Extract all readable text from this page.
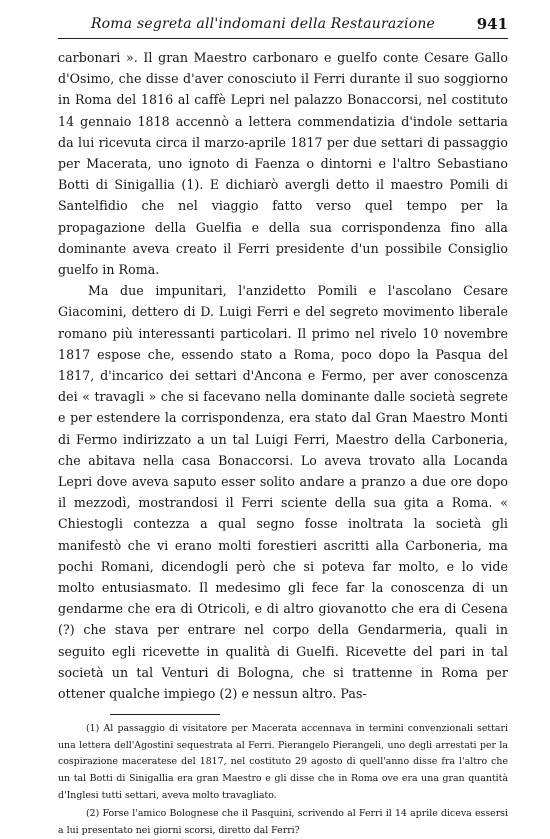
Roma segreta all'indomani della Restaurazione	941

carbonari ». Il gran Maestro carbonaro e guelfo conte Cesare Gallo d'Osimo, che disse d'aver conosciuto il Ferri durante il suo soggiorno in Roma del 1816 al caffè Lepri nel palazzo Bonaccorsi, nel costituto 14 gennaio 1818 accennò a lettera commendatizia d'indole settaria da lui ricevuta circa il marzo-aprile 1817 per due settari di passaggio per Macerata, uno ignoto di Faenza o dintorni e l'altro Sebastiano Botti di Sinigallia (1). E dichiarò avergli detto il maestro Pomili di Santelfidio che nel viaggio fatto verso quel tempo per la propagazione della Guelfia e della sua corrispondenza fino alla dominante aveva creato il Ferri presidente d'un possibile Consiglio guelfo in Roma.

Ma due impunitari, l'anzidetto Pomili e l'ascolano Cesare Giacomini, dettero di D. Luigi Ferri e del segreto movimento liberale romano più interessanti particolari. Il primo nel rivelo 10 novembre 1817 espose che, essendo stato a Roma, poco dopo la Pasqua del 1817, d'incarico dei settari d'Ancona e Fermo, per aver conoscenza dei « travagli » che si facevano nella dominante dalle società segrete e per estendere la corrispondenza, era stato dal Gran Maestro Monti di Fermo indirizzato a un tal Luigi Ferri, Maestro della Carboneria, che abitava nella casa Bonaccorsi. Lo aveva trovato alla Locanda Lepri dove aveva saputo esser solito andare a pranzo a due ore dopo il mezzodì, mostrandosi il Ferri sciente della sua gita a Roma. « Chiestogli contezza a qual segno fosse inoltrata la società gli manifestò che vi erano molti forestieri ascritti alla Carboneria, ma pochi Romani, dicendogli però che si poteva far molto, e lo vide molto entusiasmato. Il medesimo gli fece far la conoscenza di un gendarme che era di Otricoli, e di altro giovanotto che era di Cesena (?) che stava per entrare nel corpo della Gendarmeria, quali in seguito egli ricevette in qualità di Guelfi. Ricevette del pari in tal società un tal Venturi di Bologna, che si trattenne in Roma per ottener qualche impiego (2) e nessun altro. Pas-

(1) Al passaggio di visitatore per Macerata accennava in termini convenzionali settari una lettera dell'Agostini sequestrata al Ferri. Pierangelo Pierangeli, uno degli arrestati per la cospirazione maceratese del 1817, nel costituto 29 agosto di quell'anno disse fra l'altro che un tal Botti di Sinigallia era gran Maestro e gli disse che in Roma ove era una gran quantità d'Inglesi tutti settari, aveva molto travagliato.

(2) Forse l'amico Bolognese che il Pasquini, scrivendo al Ferri il 14 aprile diceva essersi a lui presentato nei giorni scorsi, diretto dal Ferri?
